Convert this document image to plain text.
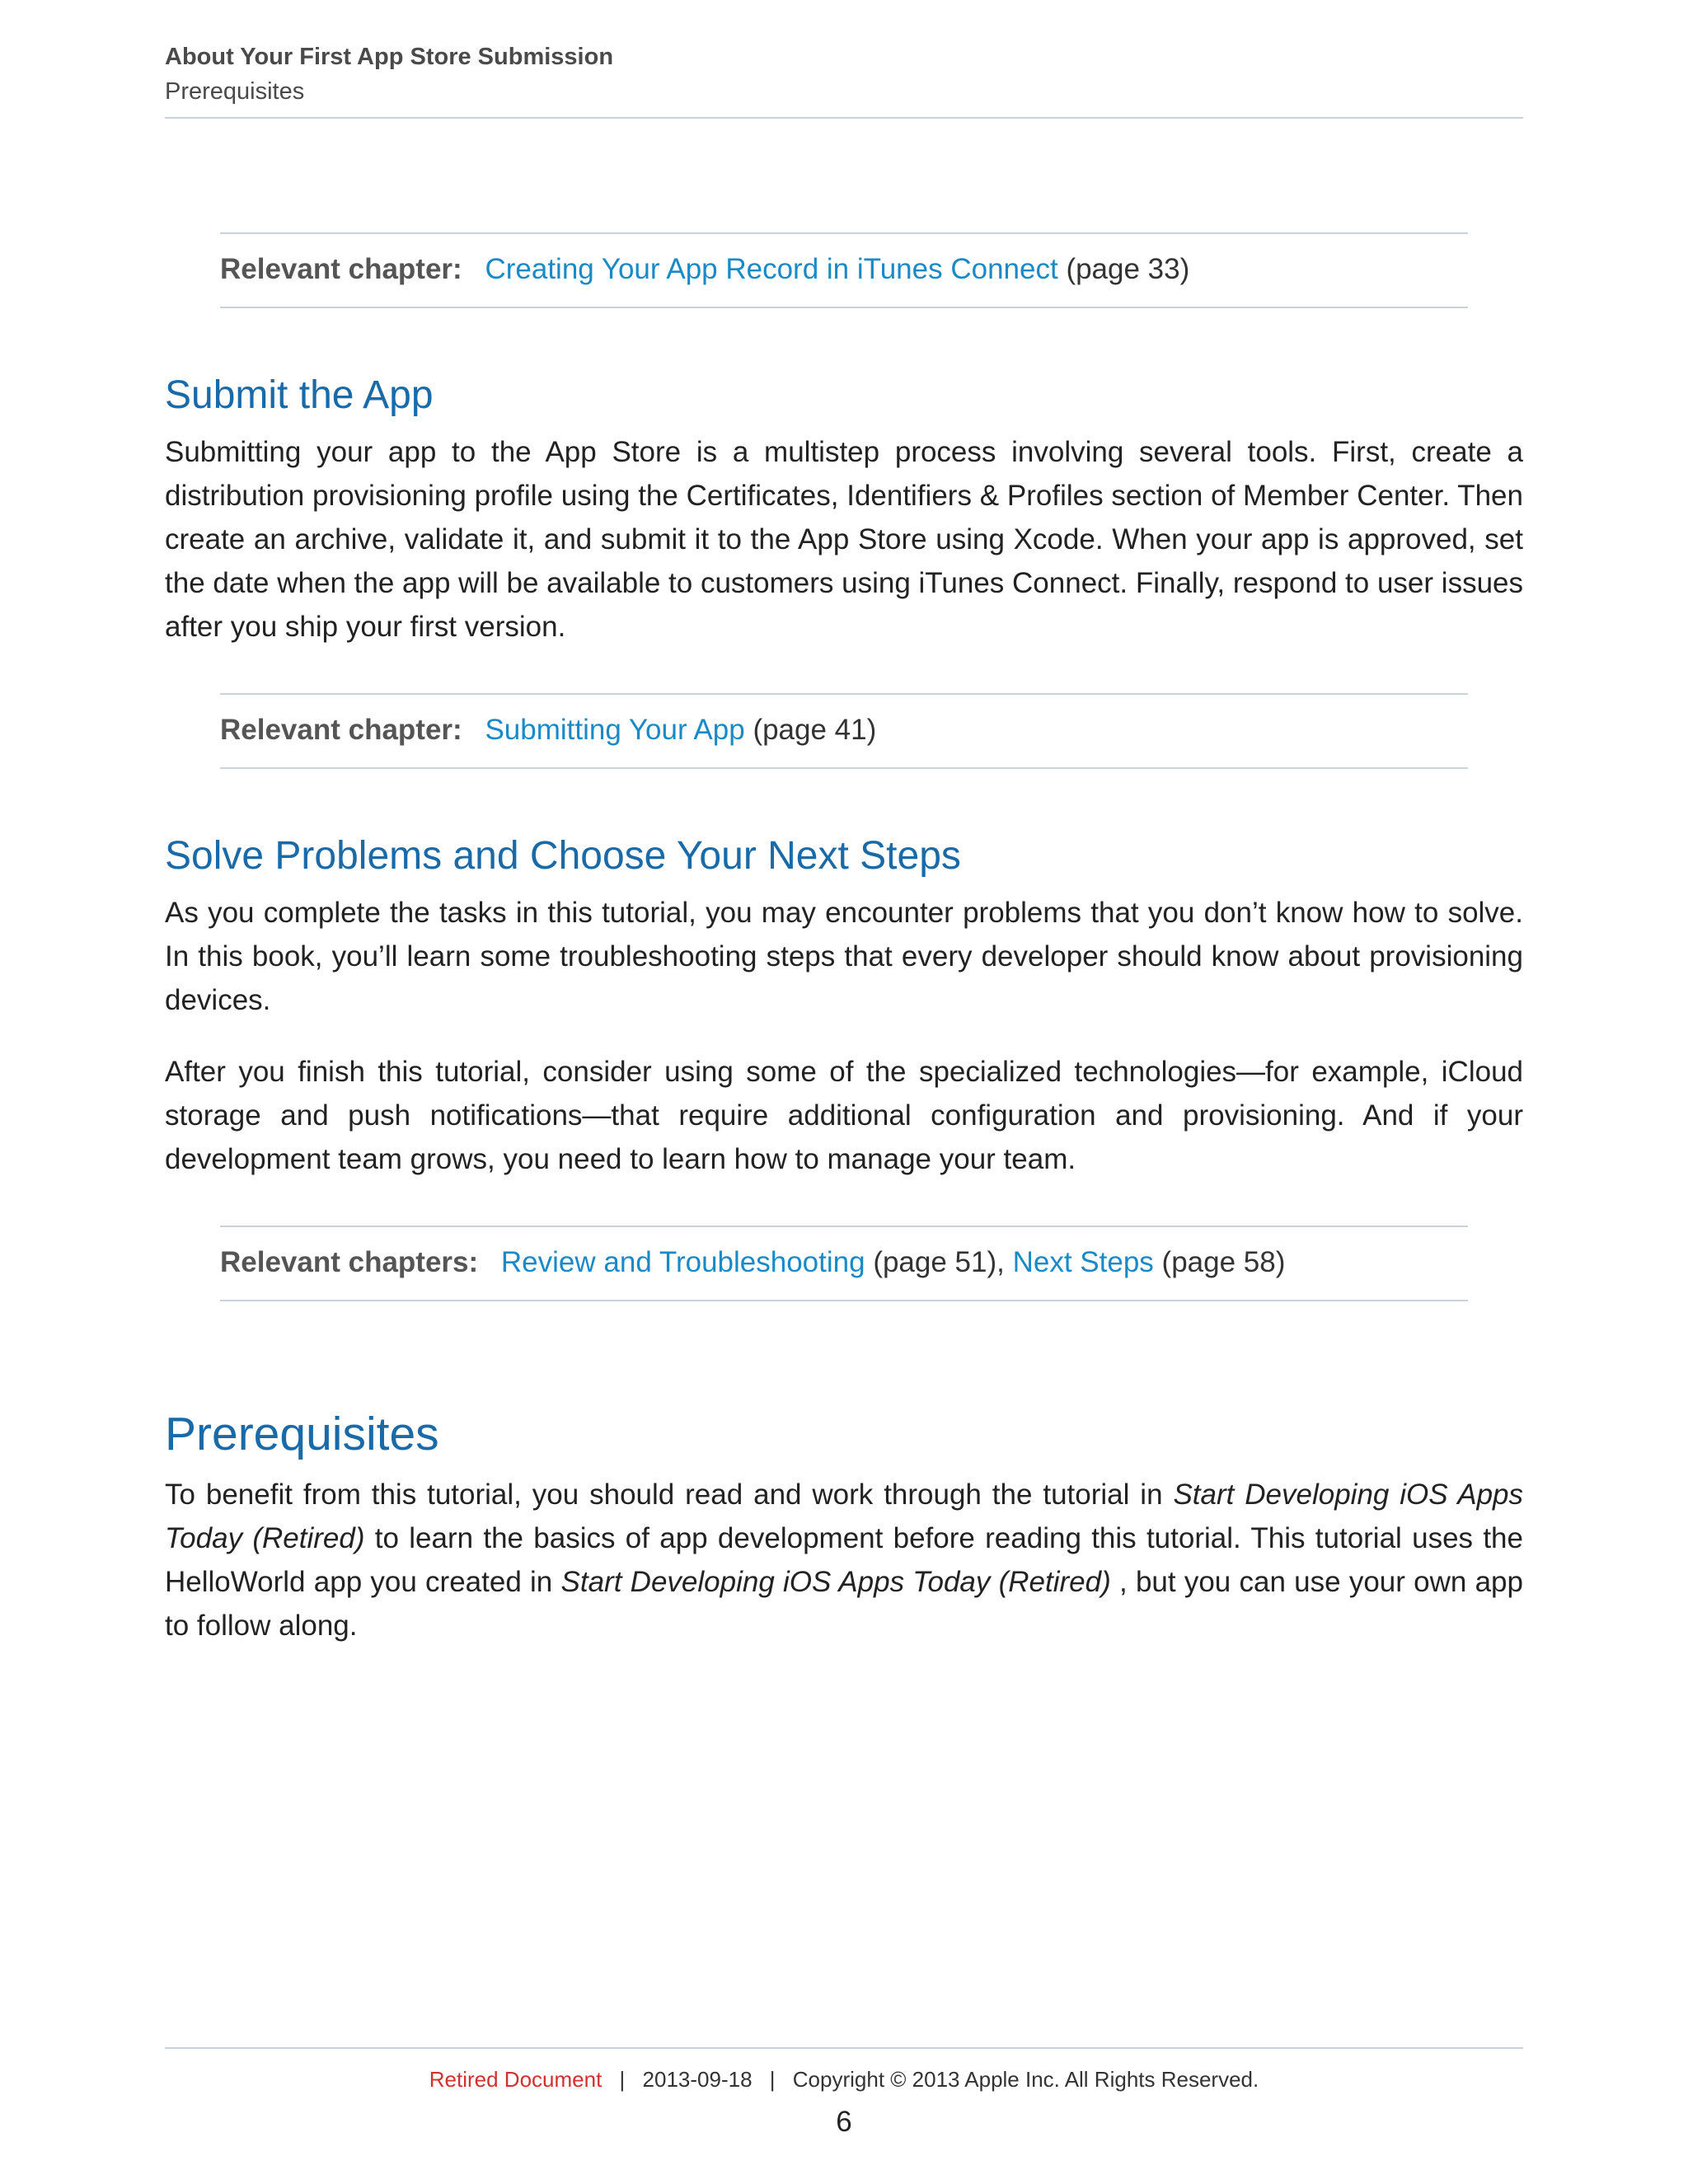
About Your First App Store Submission
Prerequisites
Relevant chapter: Creating Your App Record in iTunes Connect (page 33)
Submit the App

Submitting your app to the App Store is a multistep process involving several tools. First, create a distribution provisioning profile using the Certificates, Identifiers & Profiles section of Member Center. Then create an archive, validate it, and submit it to the App Store using Xcode. When your app is approved, set the date when the app will be available to customers using iTunes Connect. Finally, respond to user issues after you ship your first version.

Relevant chapter: Submitting Your App (page 41)
Solve Problems and Choose Your Next Steps

As you complete the tasks in this tutorial, you may encounter problems that you don’t know how to solve. In this book, you’ll learn some troubleshooting steps that every developer should know about provisioning devices.

After you finish this tutorial, consider using some of the specialized technologies—for example, iCloud storage and push notifications—that require additional configuration and provisioning. And if your development team grows, you need to learn how to manage your team.

Relevant chapters: Review and Troubleshooting (page 51), Next Steps (page 58)
Prerequisites

To benefit from this tutorial, you should read and work through the tutorial in Start Developing iOS Apps Today (Retired) to learn the basics of app development before reading this tutorial. This tutorial uses the HelloWorld app you created in Start Developing iOS Apps Today (Retired) , but you can use your own app to follow along.

Retired Document | 2013-09-18 | Copyright © 2013 Apple Inc. All Rights Reserved.
6
